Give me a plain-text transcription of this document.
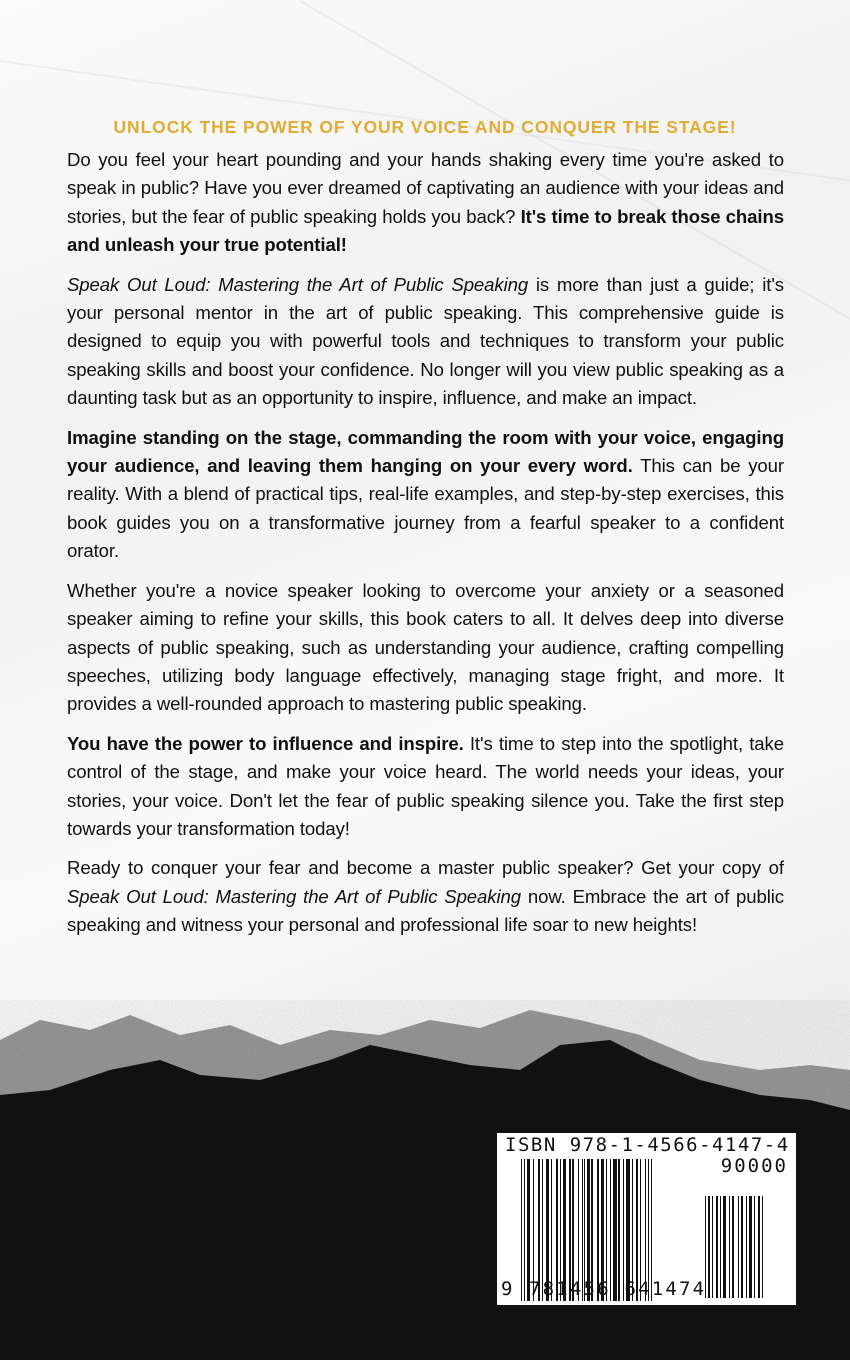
UNLOCK THE POWER OF YOUR VOICE AND CONQUER THE STAGE!

Do you feel your heart pounding and your hands shaking every time you're asked to speak in public? Have you ever dreamed of captivating an audience with your ideas and stories, but the fear of public speaking holds you back? It's time to break those chains and unleash your true potential!

Speak Out Loud: Mastering the Art of Public Speaking is more than just a guide; it's your personal mentor in the art of public speaking. This comprehensive guide is designed to equip you with powerful tools and techniques to transform your public speaking skills and boost your confidence. No longer will you view public speaking as a daunting task but as an opportunity to inspire, influence, and make an impact.

Imagine standing on the stage, commanding the room with your voice, engaging your audience, and leaving them hanging on your every word. This can be your reality. With a blend of practical tips, real-life examples, and step-by-step exercises, this book guides you on a transformative journey from a fearful speaker to a confident orator.

Whether you're a novice speaker looking to overcome your anxiety or a seasoned speaker aiming to refine your skills, this book caters to all. It delves deep into diverse aspects of public speaking, such as understanding your audience, crafting compelling speeches, utilizing body language effectively, managing stage fright, and more. It provides a well-rounded approach to mastering public speaking.

You have the power to influence and inspire. It's time to step into the spotlight, take control of the stage, and make your voice heard. The world needs your ideas, your stories, your voice. Don't let the fear of public speaking silence you. Take the first step towards your transformation today!

Ready to conquer your fear and become a master public speaker? Get your copy of Speak Out Loud: Mastering the Art of Public Speaking now. Embrace the art of public speaking and witness your personal and professional life soar to new heights!

ISBN 978-1-4566-4147-4
90000
9 781456 641474
